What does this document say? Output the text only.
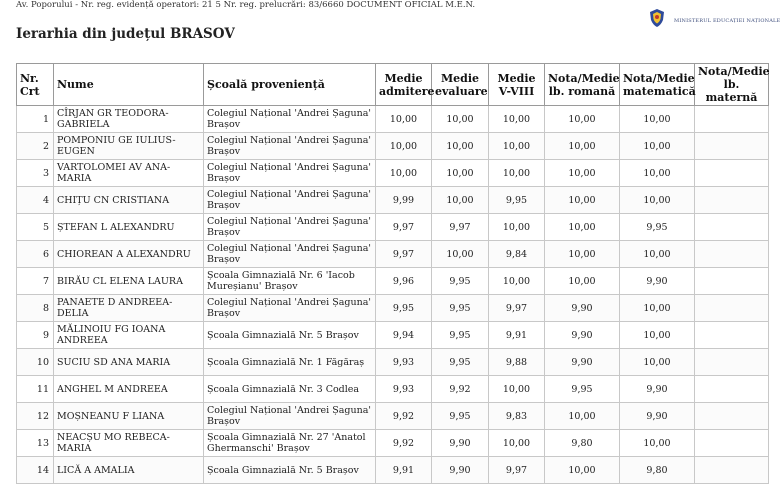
Av. Poporului - Nr. reg. evidență operatori: 21 5 Nr. reg. prelucrări: 83/6660 DOCUMENT OFICIAL M.E.N.
MINISTERUL EDUCAȚIEI NAȚIONALE
Ierarhia din județul BRASOV
Nr. Crt	Nume	Școală proveniență	Medie admitere	Medie evaluare	Medie V-VIII	Nota/Medie lb. romană	Nota/Medie matematică	Nota/Medie lb. maternă
1	CÎRJAN GR TEODORA-GABRIELA	Colegiul Național 'Andrei Șaguna' Brașov	10,00	10,00	10,00	10,00	10,00	
2	POMPONIU GE IULIUS-EUGEN	Colegiul Național 'Andrei Șaguna' Brașov	10,00	10,00	10,00	10,00	10,00	
3	VARTOLOMEI AV ANA-MARIA	Colegiul Național 'Andrei Șaguna' Brașov	10,00	10,00	10,00	10,00	10,00	
4	CHIȚU CN CRISTIANA	Colegiul Național 'Andrei Șaguna' Brașov	9,99	10,00	9,95	10,00	10,00	
5	ȘTEFAN L ALEXANDRU	Colegiul Național 'Andrei Șaguna' Brașov	9,97	9,97	10,00	10,00	9,95	
6	CHIOREAN A ALEXANDRU	Colegiul Național 'Andrei Șaguna' Brașov	9,97	10,00	9,84	10,00	10,00	
7	BIRĂU CL ELENA LAURA	Școala Gimnazială Nr. 6 'Iacob Mureșianu' Brașov	9,96	9,95	10,00	10,00	9,90	
8	PANAETE D ANDREEA-DELIA	Colegiul Național 'Andrei Șaguna' Brașov	9,95	9,95	9,97	9,90	10,00	
9	MĂLINOIU FG IOANA ANDREEA	Școala Gimnazială Nr. 5 Brașov	9,94	9,95	9,91	9,90	10,00	
10	SUCIU SD ANA MARIA	Școala Gimnazială Nr. 1 Făgăraș	9,93	9,95	9,88	9,90	10,00	
11	ANGHEL M ANDREEA	Școala Gimnazială Nr. 3 Codlea	9,93	9,92	10,00	9,95	9,90	
12	MOȘNEANU F LIANA	Colegiul Național 'Andrei Șaguna' Brașov	9,92	9,95	9,83	10,00	9,90	
13	NEACȘU MO REBECA-MARIA	Școala Gimnazială Nr. 27 'Anatol Ghermanschi' Brașov	9,92	9,90	10,00	9,80	10,00	
14	LICĂ A AMALIA	Școala Gimnazială Nr. 5 Brașov	9,91	9,90	9,97	10,00	9,80	
